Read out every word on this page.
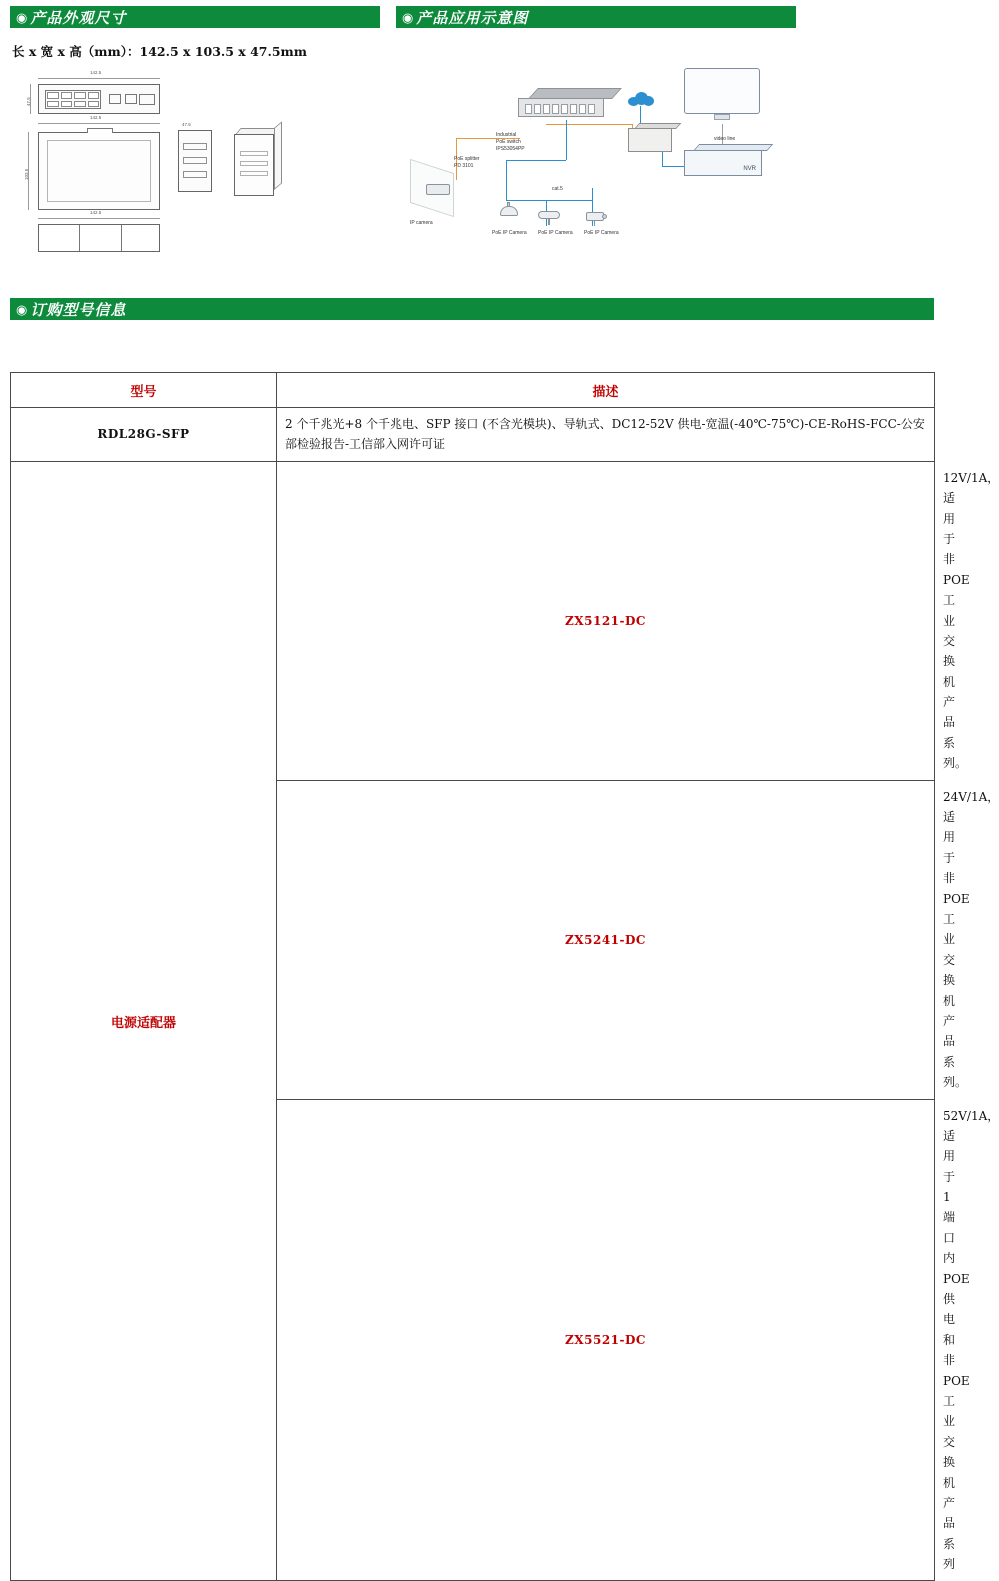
◉ 产品外观尺寸	◉ 产品应用示意图
长 x 宽 x 高（mm）：142.5 x 103.5 x 47.5mm
142.5
47.5
142.5
103.5
142.5
47.5
Industrial
PoE switch
IPS53054PP
PoE splitter
PD 3101
cat.5
video line
NVR
IP camera
PoE IP Camera PoE IP Camera PoE IP Camera
◉ 订购型号信息
型号	描述	
RDL28G-SFP	2 个千兆光+8 个千兆电、SFP 接口 (不含光模块)、导轨式、DC12-52V 供电-宽温(-40℃-75℃)-CE-RoHS-FCC-公安部检验报告-工信部入网许可证	
电源适配器	ZX5121-DC	12V/1A，适用于非 POE 工业交换机产品系列。
	ZX5241-DC	24V/1A，适用于非 POE 工业交换机产品系列。
	ZX5521-DC	52V/1A，适用于 1 端口内 POE 供电和非 POE 工业交换机产品系列
